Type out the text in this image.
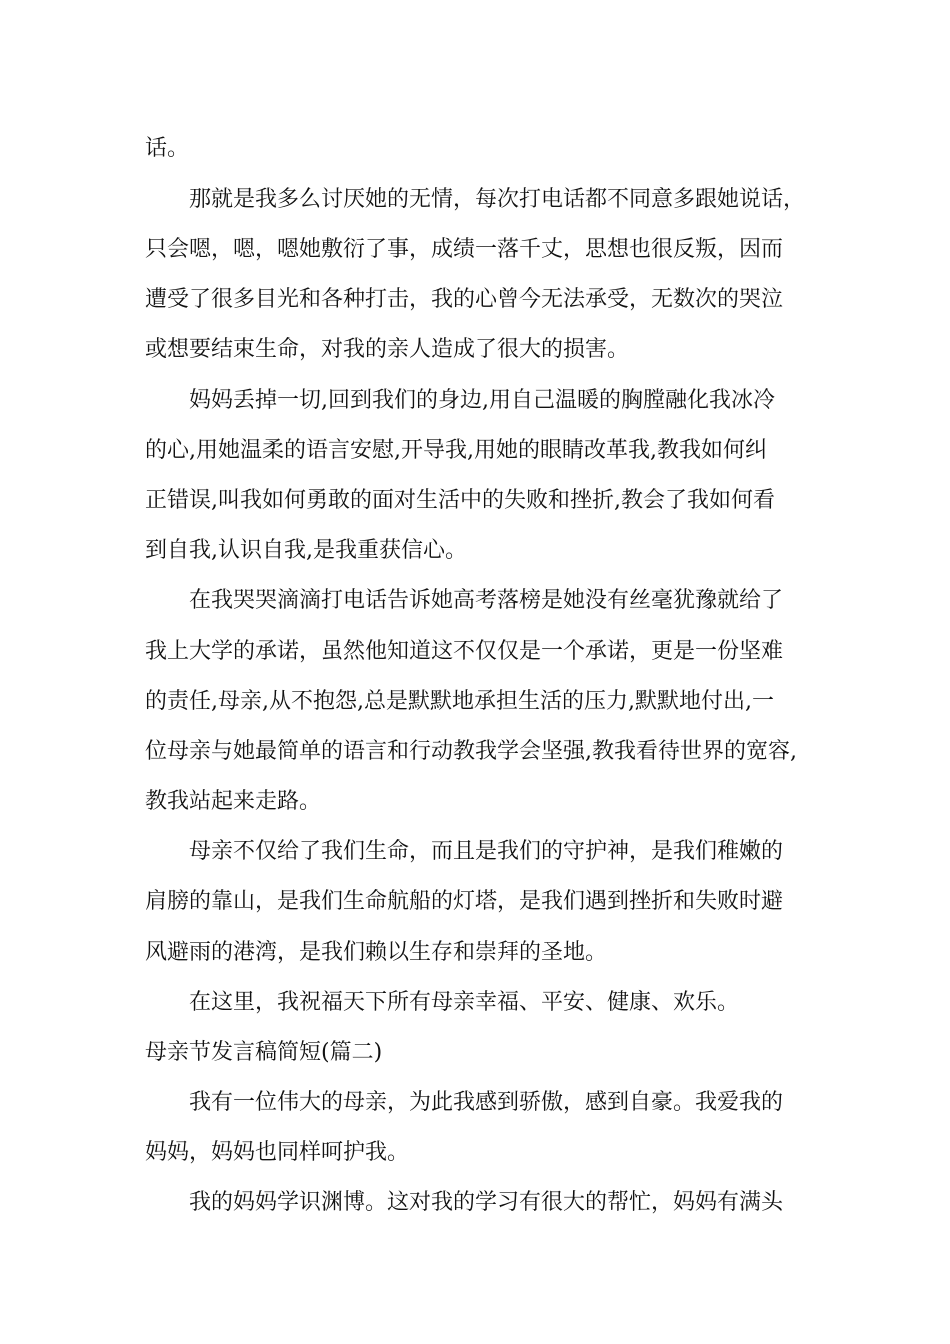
话。

那就是我多么讨厌她的无情，每次打电话都不同意多跟她说话，

只会嗯，嗯，嗯她敷衍了事，成绩一落千丈，思想也很反叛，因而

遭受了很多目光和各种打击，我的心曾今无法承受，无数次的哭泣

或想要结束生命，对我的亲人造成了很大的损害。

妈妈丢掉一切,回到我们的身边,用自己温暖的胸膛融化我冰冷

的心,用她温柔的语言安慰,开导我,用她的眼睛改革我,教我如何纠

正错误,叫我如何勇敢的面对生活中的失败和挫折,教会了我如何看

到自我,认识自我,是我重获信心。

在我哭哭滴滴打电话告诉她高考落榜是她没有丝毫犹豫就给了

我上大学的承诺，虽然他知道这不仅仅是一个承诺，更是一份坚难

的责任,母亲,从不抱怨,总是默默地承担生活的压力,默默地付出,一

位母亲与她最简单的语言和行动教我学会坚强,教我看待世界的宽容,

教我站起来走路。

母亲不仅给了我们生命，而且是我们的守护神，是我们稚嫩的

肩膀的靠山，是我们生命航船的灯塔，是我们遇到挫折和失败时避

风避雨的港湾，是我们赖以生存和崇拜的圣地。

在这里，我祝福天下所有母亲幸福、平安、健康、欢乐。

母亲节发言稿简短(篇二)

我有一位伟大的母亲，为此我感到骄傲，感到自豪。我爱我的

妈妈，妈妈也同样呵护我。

我的妈妈学识渊博。这对我的学习有很大的帮忙，妈妈有满头
